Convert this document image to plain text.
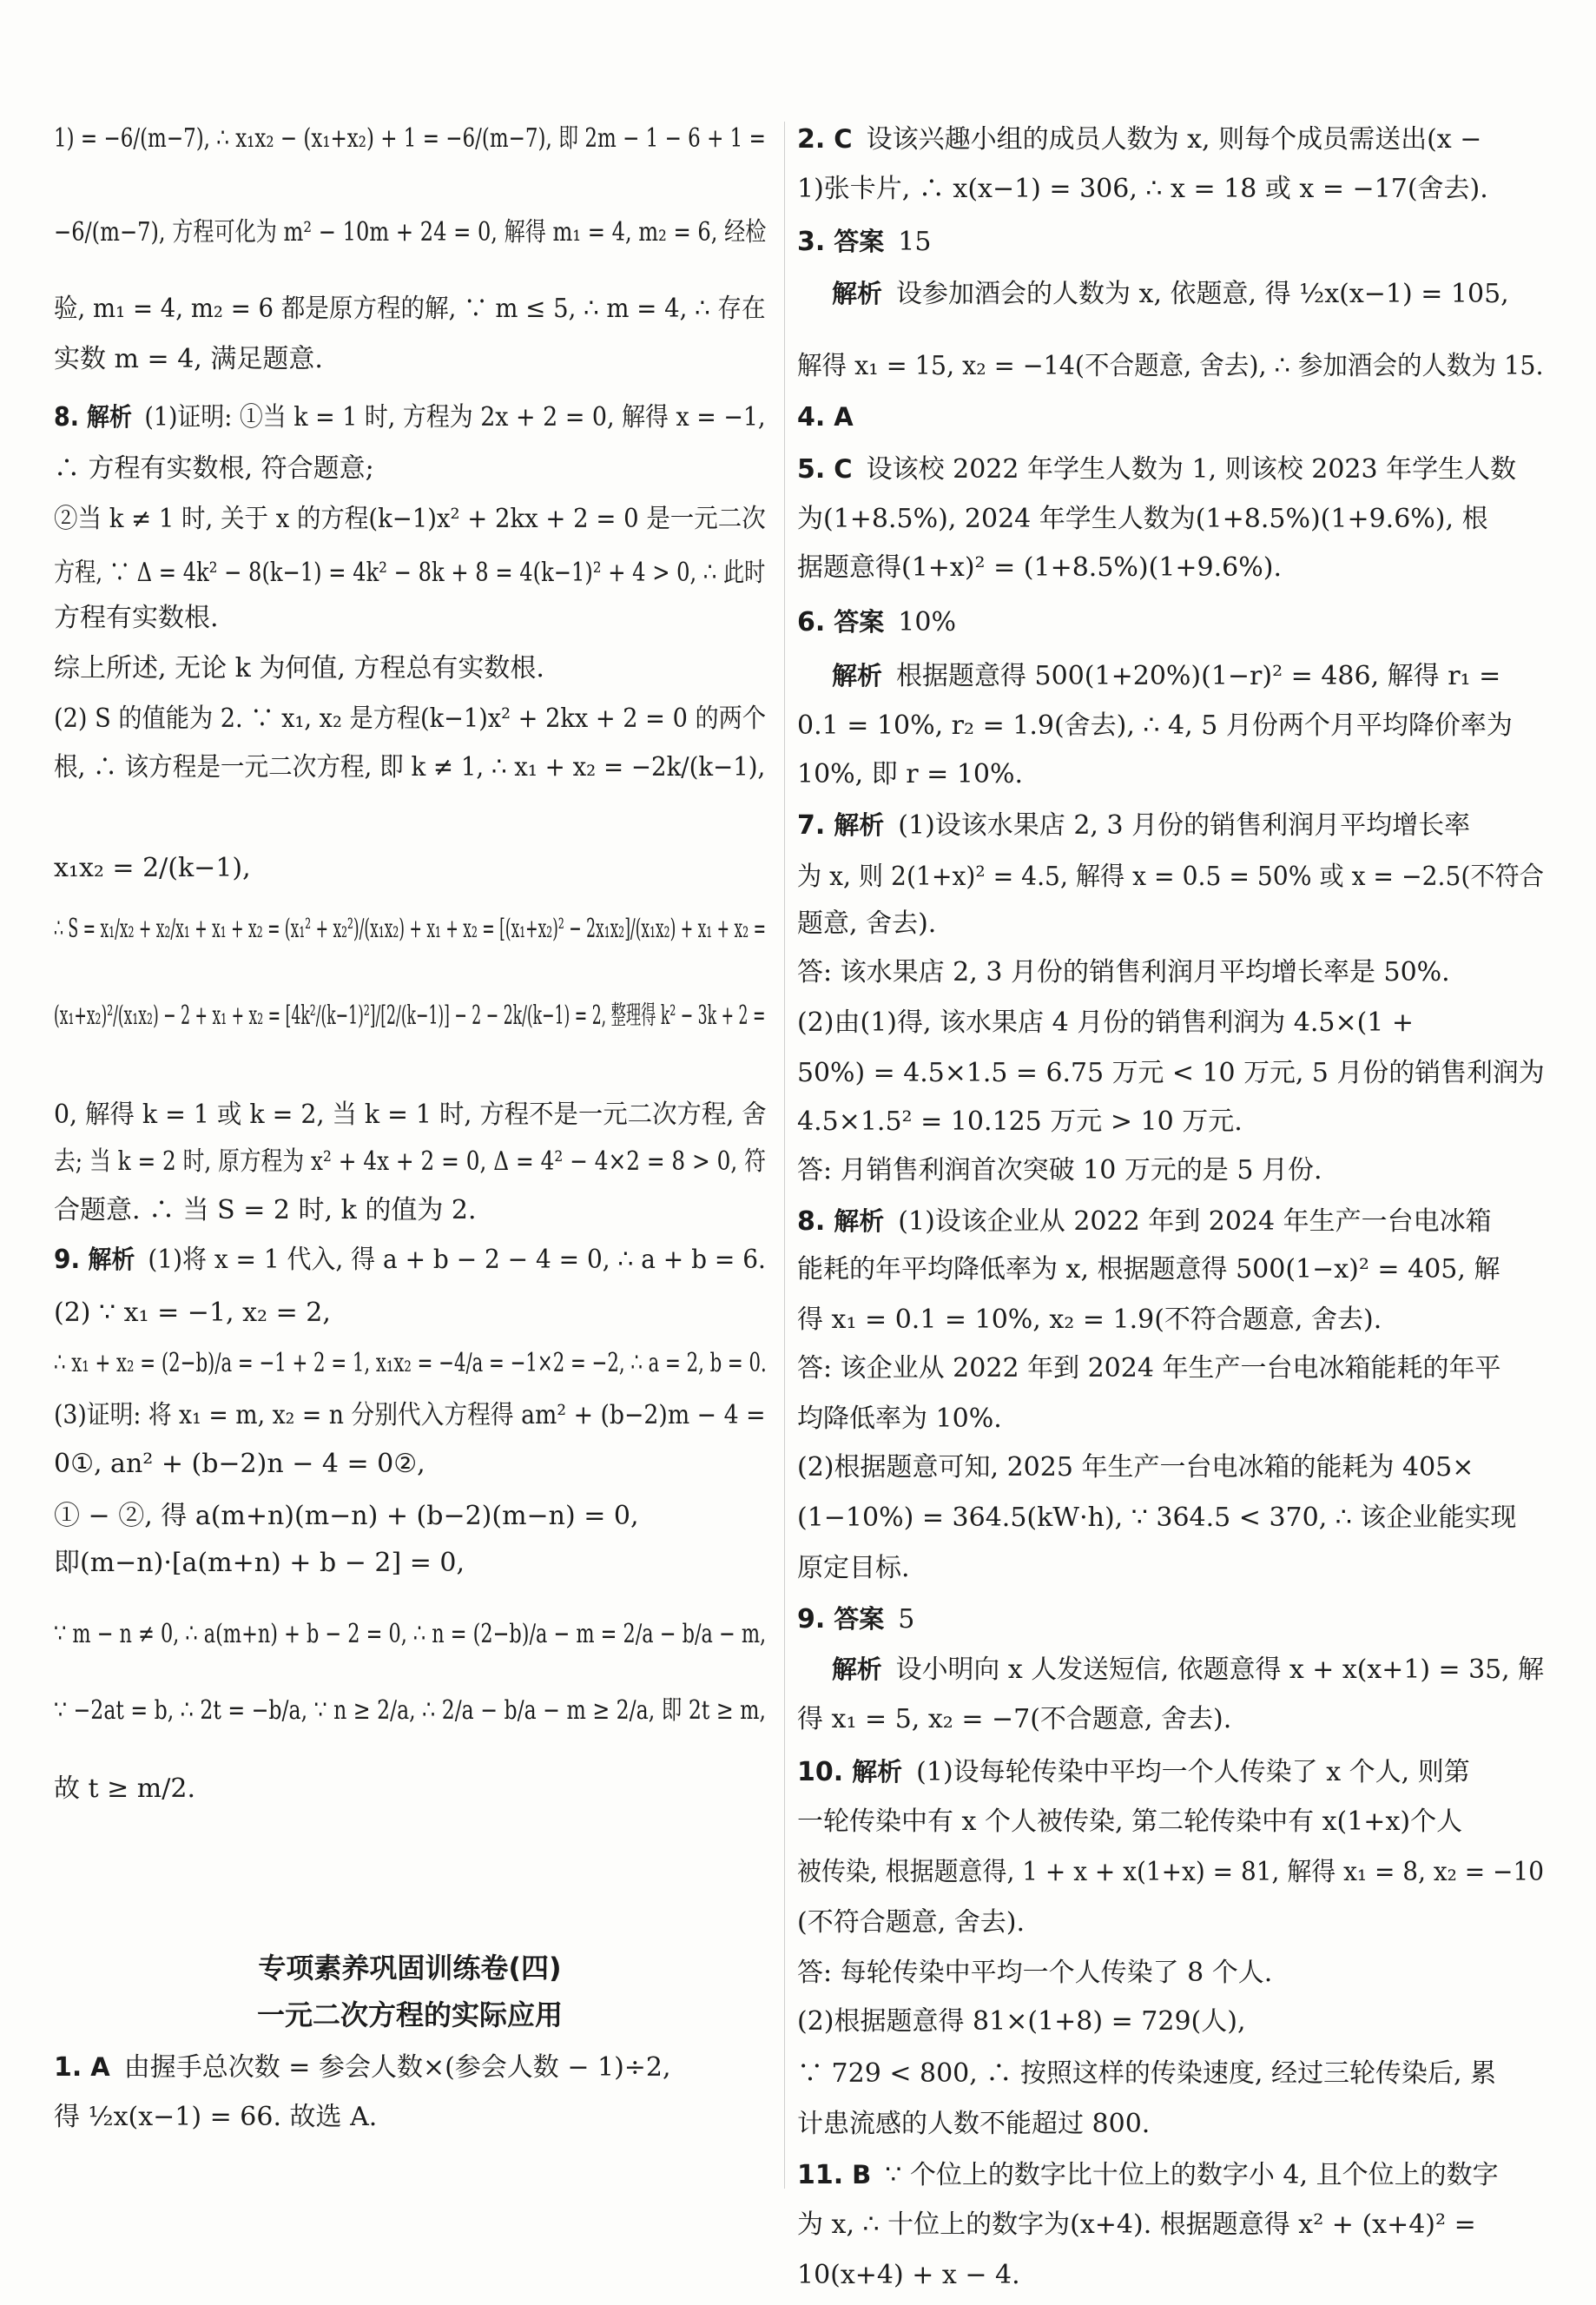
1) = −6/(m−7), ∴ x₁x₂ − (x₁+x₂) + 1 = −6/(m−7), 即 2m − 1 − 6 + 1 =
−6/(m−7), 方程可化为 m² − 10m + 24 = 0, 解得 m₁ = 4, m₂ = 6, 经检
验, m₁ = 4, m₂ = 6 都是原方程的解, ∵ m ≤ 5, ∴ m = 4, ∴ 存在
实数 m = 4, 满足题意.
8. 解析 (1)证明: ①当 k = 1 时, 方程为 2x + 2 = 0, 解得 x = −1,
∴ 方程有实数根, 符合题意;
②当 k ≠ 1 时, 关于 x 的方程(k−1)x² + 2kx + 2 = 0 是一元二次
方程, ∵ Δ = 4k² − 8(k−1) = 4k² − 8k + 8 = 4(k−1)² + 4 > 0, ∴ 此时
方程有实数根.
综上所述, 无论 k 为何值, 方程总有实数根.
(2) S 的值能为 2. ∵ x₁, x₂ 是方程(k−1)x² + 2kx + 2 = 0 的两个
根, ∴ 该方程是一元二次方程, 即 k ≠ 1, ∴ x₁ + x₂ = −2k/(k−1),
x₁x₂ = 2/(k−1),
∴ S = x₁/x₂ + x₂/x₁ + x₁ + x₂ = (x₁² + x₂²)/(x₁x₂) + x₁ + x₂ = [(x₁+x₂)² − 2x₁x₂]/(x₁x₂) + x₁ + x₂ =
(x₁+x₂)²/(x₁x₂) − 2 + x₁ + x₂ = [4k²/(k−1)²]/[2/(k−1)] − 2 − 2k/(k−1) = 2, 整理得 k² − 3k + 2 =
0, 解得 k = 1 或 k = 2, 当 k = 1 时, 方程不是一元二次方程, 舍
去; 当 k = 2 时, 原方程为 x² + 4x + 2 = 0, Δ = 4² − 4×2 = 8 > 0, 符
合题意. ∴ 当 S = 2 时, k 的值为 2.
9. 解析 (1)将 x = 1 代入, 得 a + b − 2 − 4 = 0, ∴ a + b = 6.
(2) ∵ x₁ = −1, x₂ = 2,
∴ x₁ + x₂ = (2−b)/a = −1 + 2 = 1, x₁x₂ = −4/a = −1×2 = −2, ∴ a = 2, b = 0.
(3)证明: 将 x₁ = m, x₂ = n 分别代入方程得 am² + (b−2)m − 4 =
0①, an² + (b−2)n − 4 = 0②,
① − ②, 得 a(m+n)(m−n) + (b−2)(m−n) = 0,
即(m−n)·[a(m+n) + b − 2] = 0,
∵ m − n ≠ 0, ∴ a(m+n) + b − 2 = 0, ∴ n = (2−b)/a − m = 2/a − b/a − m,
∵ −2at = b, ∴ 2t = −b/a, ∵ n ≥ 2/a, ∴ 2/a − b/a − m ≥ 2/a, 即 2t ≥ m,
故 t ≥ m/2.
2. C 设该兴趣小组的成员人数为 x, 则每个成员需送出(x −
1)张卡片, ∴ x(x−1) = 306, ∴ x = 18 或 x = −17(舍去).
3. 答案 15
解析 设参加酒会的人数为 x, 依题意, 得 ½x(x−1) = 105,
解得 x₁ = 15, x₂ = −14(不合题意, 舍去), ∴ 参加酒会的人数为 15.
4. A
5. C 设该校 2022 年学生人数为 1, 则该校 2023 年学生人数
为(1+8.5%), 2024 年学生人数为(1+8.5%)(1+9.6%), 根
据题意得(1+x)² = (1+8.5%)(1+9.6%).
6. 答案 10%
解析 根据题意得 500(1+20%)(1−r)² = 486, 解得 r₁ =
0.1 = 10%, r₂ = 1.9(舍去), ∴ 4, 5 月份两个月平均降价率为
10%, 即 r = 10%.
7. 解析 (1)设该水果店 2, 3 月份的销售利润月平均增长率
为 x, 则 2(1+x)² = 4.5, 解得 x = 0.5 = 50% 或 x = −2.5(不符合
题意, 舍去).
答: 该水果店 2, 3 月份的销售利润月平均增长率是 50%.
(2)由(1)得, 该水果店 4 月份的销售利润为 4.5×(1 +
50%) = 4.5×1.5 = 6.75 万元 < 10 万元, 5 月份的销售利润为
4.5×1.5² = 10.125 万元 > 10 万元.
答: 月销售利润首次突破 10 万元的是 5 月份.
8. 解析 (1)设该企业从 2022 年到 2024 年生产一台电冰箱
能耗的年平均降低率为 x, 根据题意得 500(1−x)² = 405, 解
得 x₁ = 0.1 = 10%, x₂ = 1.9(不符合题意, 舍去).
答: 该企业从 2022 年到 2024 年生产一台电冰箱能耗的年平
均降低率为 10%.
(2)根据题意可知, 2025 年生产一台电冰箱的能耗为 405×
(1−10%) = 364.5(kW·h), ∵ 364.5 < 370, ∴ 该企业能实现
原定目标.
9. 答案 5
解析 设小明向 x 人发送短信, 依题意得 x + x(x+1) = 35, 解
得 x₁ = 5, x₂ = −7(不合题意, 舍去).
10. 解析 (1)设每轮传染中平均一个人传染了 x 个人, 则第
一轮传染中有 x 个人被传染, 第二轮传染中有 x(1+x)个人
被传染, 根据题意得, 1 + x + x(1+x) = 81, 解得 x₁ = 8, x₂ = −10
(不符合题意, 舍去).
答: 每轮传染中平均一个人传染了 8 个人.
(2)根据题意得 81×(1+8) = 729(人),
∵ 729 < 800, ∴ 按照这样的传染速度, 经过三轮传染后, 累
计患流感的人数不能超过 800.
11. B ∵ 个位上的数字比十位上的数字小 4, 且个位上的数字
为 x, ∴ 十位上的数字为(x+4). 根据题意得 x² + (x+4)² =
10(x+4) + x − 4.
专项素养巩固训练卷(四)
一元二次方程的实际应用
1. A 由握手总次数 = 参会人数×(参会人数 − 1)÷2,
得 ½x(x−1) = 66. 故选 A.
